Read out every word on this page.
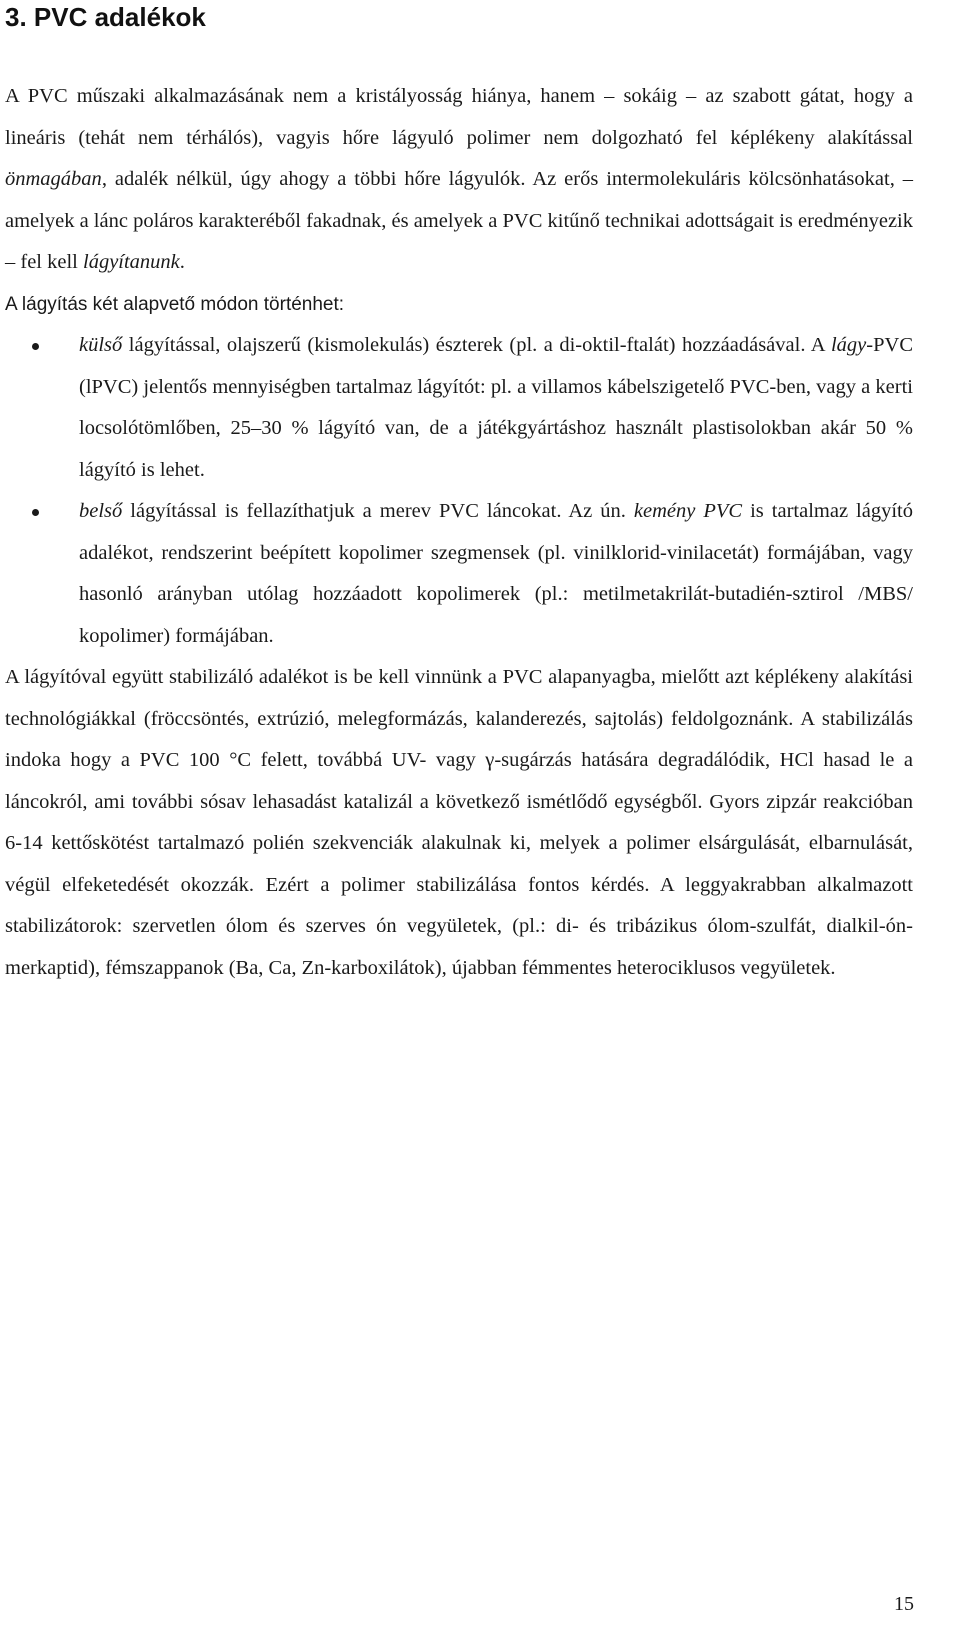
3. PVC adalékok

A PVC műszaki alkalmazásának nem a kristályosság hiánya, hanem – sokáig – az szabott gátat, hogy a lineáris (tehát nem térhálós), vagyis hőre lágyuló polimer nem dolgozható fel képlékeny alakítással önmagában, adalék nélkül, úgy ahogy a többi hőre lágyulók. Az erős intermolekuláris kölcsönhatásokat, – amelyek a lánc poláros karakteréből fakadnak, és amelyek a PVC kitűnő technikai adottságait is eredményezik – fel kell lágyítanunk.

A lágyítás két alapvető módon történhet:

külső lágyítással, olajszerű (kismolekulás) észterek (pl. a di-oktil-ftalát) hozzáadásával. A lágy-PVC (lPVC) jelentős mennyiségben tartalmaz lágyítót: pl. a villamos kábelszigetelő PVC-ben, vagy a kerti locsolótömlőben, 25–30 % lágyító van, de a játékgyártáshoz használt plastisolokban akár 50 % lágyító is lehet.
belső lágyítással is fellazíthatjuk a merev PVC láncokat. Az ún. kemény PVC is tartalmaz lágyító adalékot, rendszerint beépített kopolimer szegmensek (pl. vinilklorid-vinilacetát) formájában, vagy hasonló arányban utólag hozzáadott kopolimerek (pl.: metilmetakrilát-butadién-sztirol /MBS/ kopolimer) formájában.

A lágyítóval együtt stabilizáló adalékot is be kell vinnünk a PVC alapanyagba, mielőtt azt képlékeny alakítási technológiákkal (fröccsöntés, extrúzió, melegformázás, kalanderezés, sajtolás) feldolgoznánk. A stabilizálás indoka hogy a PVC 100 °C felett, továbbá UV- vagy γ-sugárzás hatására degradálódik, HCl hasad le a láncokról, ami további sósav lehasadást katalizál a következő ismétlődő egységből. Gyors zipzár reakcióban 6-14 kettőskötést tartalmazó polién szekvenciák alakulnak ki, melyek a polimer elsárgulását, elbarnulását, végül elfeketedését okozzák. Ezért a polimer stabilizálása fontos kérdés. A leggyakrabban alkalmazott stabilizátorok: szervetlen ólom és szerves ón vegyületek, (pl.: di- és tribázikus ólom-szulfát, dialkil-ón-merkaptid), fémszappanok (Ba, Ca, Zn-karboxilátok), újabban fémmentes heterociklusos vegyületek.

15
